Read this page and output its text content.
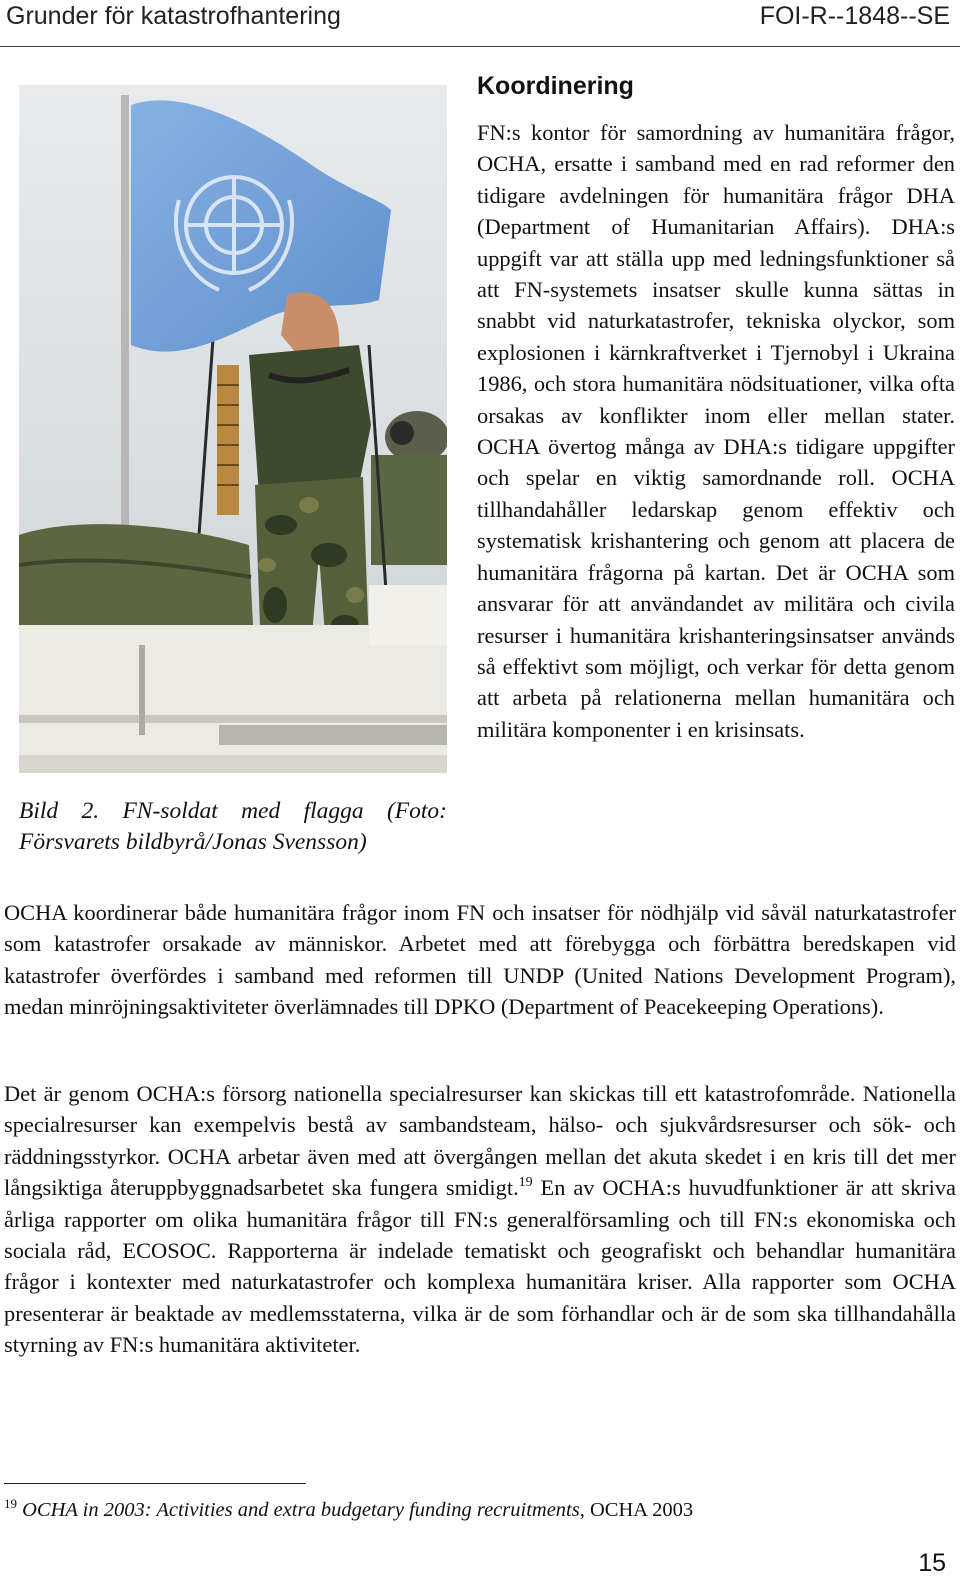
Grunder för katastrofhantering	FOI-R--1848--SE
Bild 2. FN-soldat med flagga (Foto: Försvarets bildbyrå/Jonas Svensson)
Koordinering

FN:s kontor för samordning av humanitära frågor, OCHA, ersatte i samband med en rad reformer den tidigare avdelningen för humanitära frågor DHA (Department of Humanitarian Affairs). DHA:s uppgift var att ställa upp med ledningsfunktioner så att FN-systemets insatser skulle kunna sättas in snabbt vid naturkatastrofer, tekniska olyckor, som explosionen i kärnkraftverket i Tjernobyl i Ukraina 1986, och stora humanitära nödsituationer, vilka ofta orsakas av konflikter inom eller mellan stater. OCHA övertog många av DHA:s tidigare uppgifter och spelar en viktig samordnande roll. OCHA tillhandahåller ledarskap genom effektiv och systematisk krishantering och genom att placera de humanitära frågorna på kartan. Det är OCHA som ansvarar för att användandet av militära och civila resurser i humanitära krishanteringsinsatser används så effektivt som möjligt, och verkar för detta genom att arbeta på relationerna mellan humanitära och militära komponenter i en krisinsats.

OCHA koordinerar både humanitära frågor inom FN och insatser för nödhjälp vid såväl naturkatastrofer som katastrofer orsakade av människor. Arbetet med att förebygga och förbättra beredskapen vid katastrofer överfördes i samband med reformen till UNDP (United Nations Development Program), medan minröjningsaktiviteter överlämnades till DPKO (Department of Peacekeeping Operations).

Det är genom OCHA:s försorg nationella specialresurser kan skickas till ett katastrofområde. Nationella specialresurser kan exempelvis bestå av sambandsteam, hälso- och sjukvårdsresurser och sök- och räddningsstyrkor. OCHA arbetar även med att övergången mellan det akuta skedet i en kris till det mer långsiktiga återuppbyggnadsarbetet ska fungera smidigt.$^{19}$ En av OCHA:s huvudfunktioner är att skriva årliga rapporter om olika humanitära frågor till FN:s generalförsamling och till FN:s ekonomiska och sociala råd, ECOSOC. Rapporterna är indelade tematiskt och geografiskt och behandlar humanitära frågor i kontexter med naturkatastrofer och komplexa humanitära kriser. Alla rapporter som OCHA presenterar är beaktade av medlemsstaterna, vilka är de som förhandlar och är de som ska tillhandahålla styrning av FN:s humanitära aktiviteter.

$^{19}$ OCHA in 2003: Activities and extra budgetary funding recruitments, OCHA 2003

15
